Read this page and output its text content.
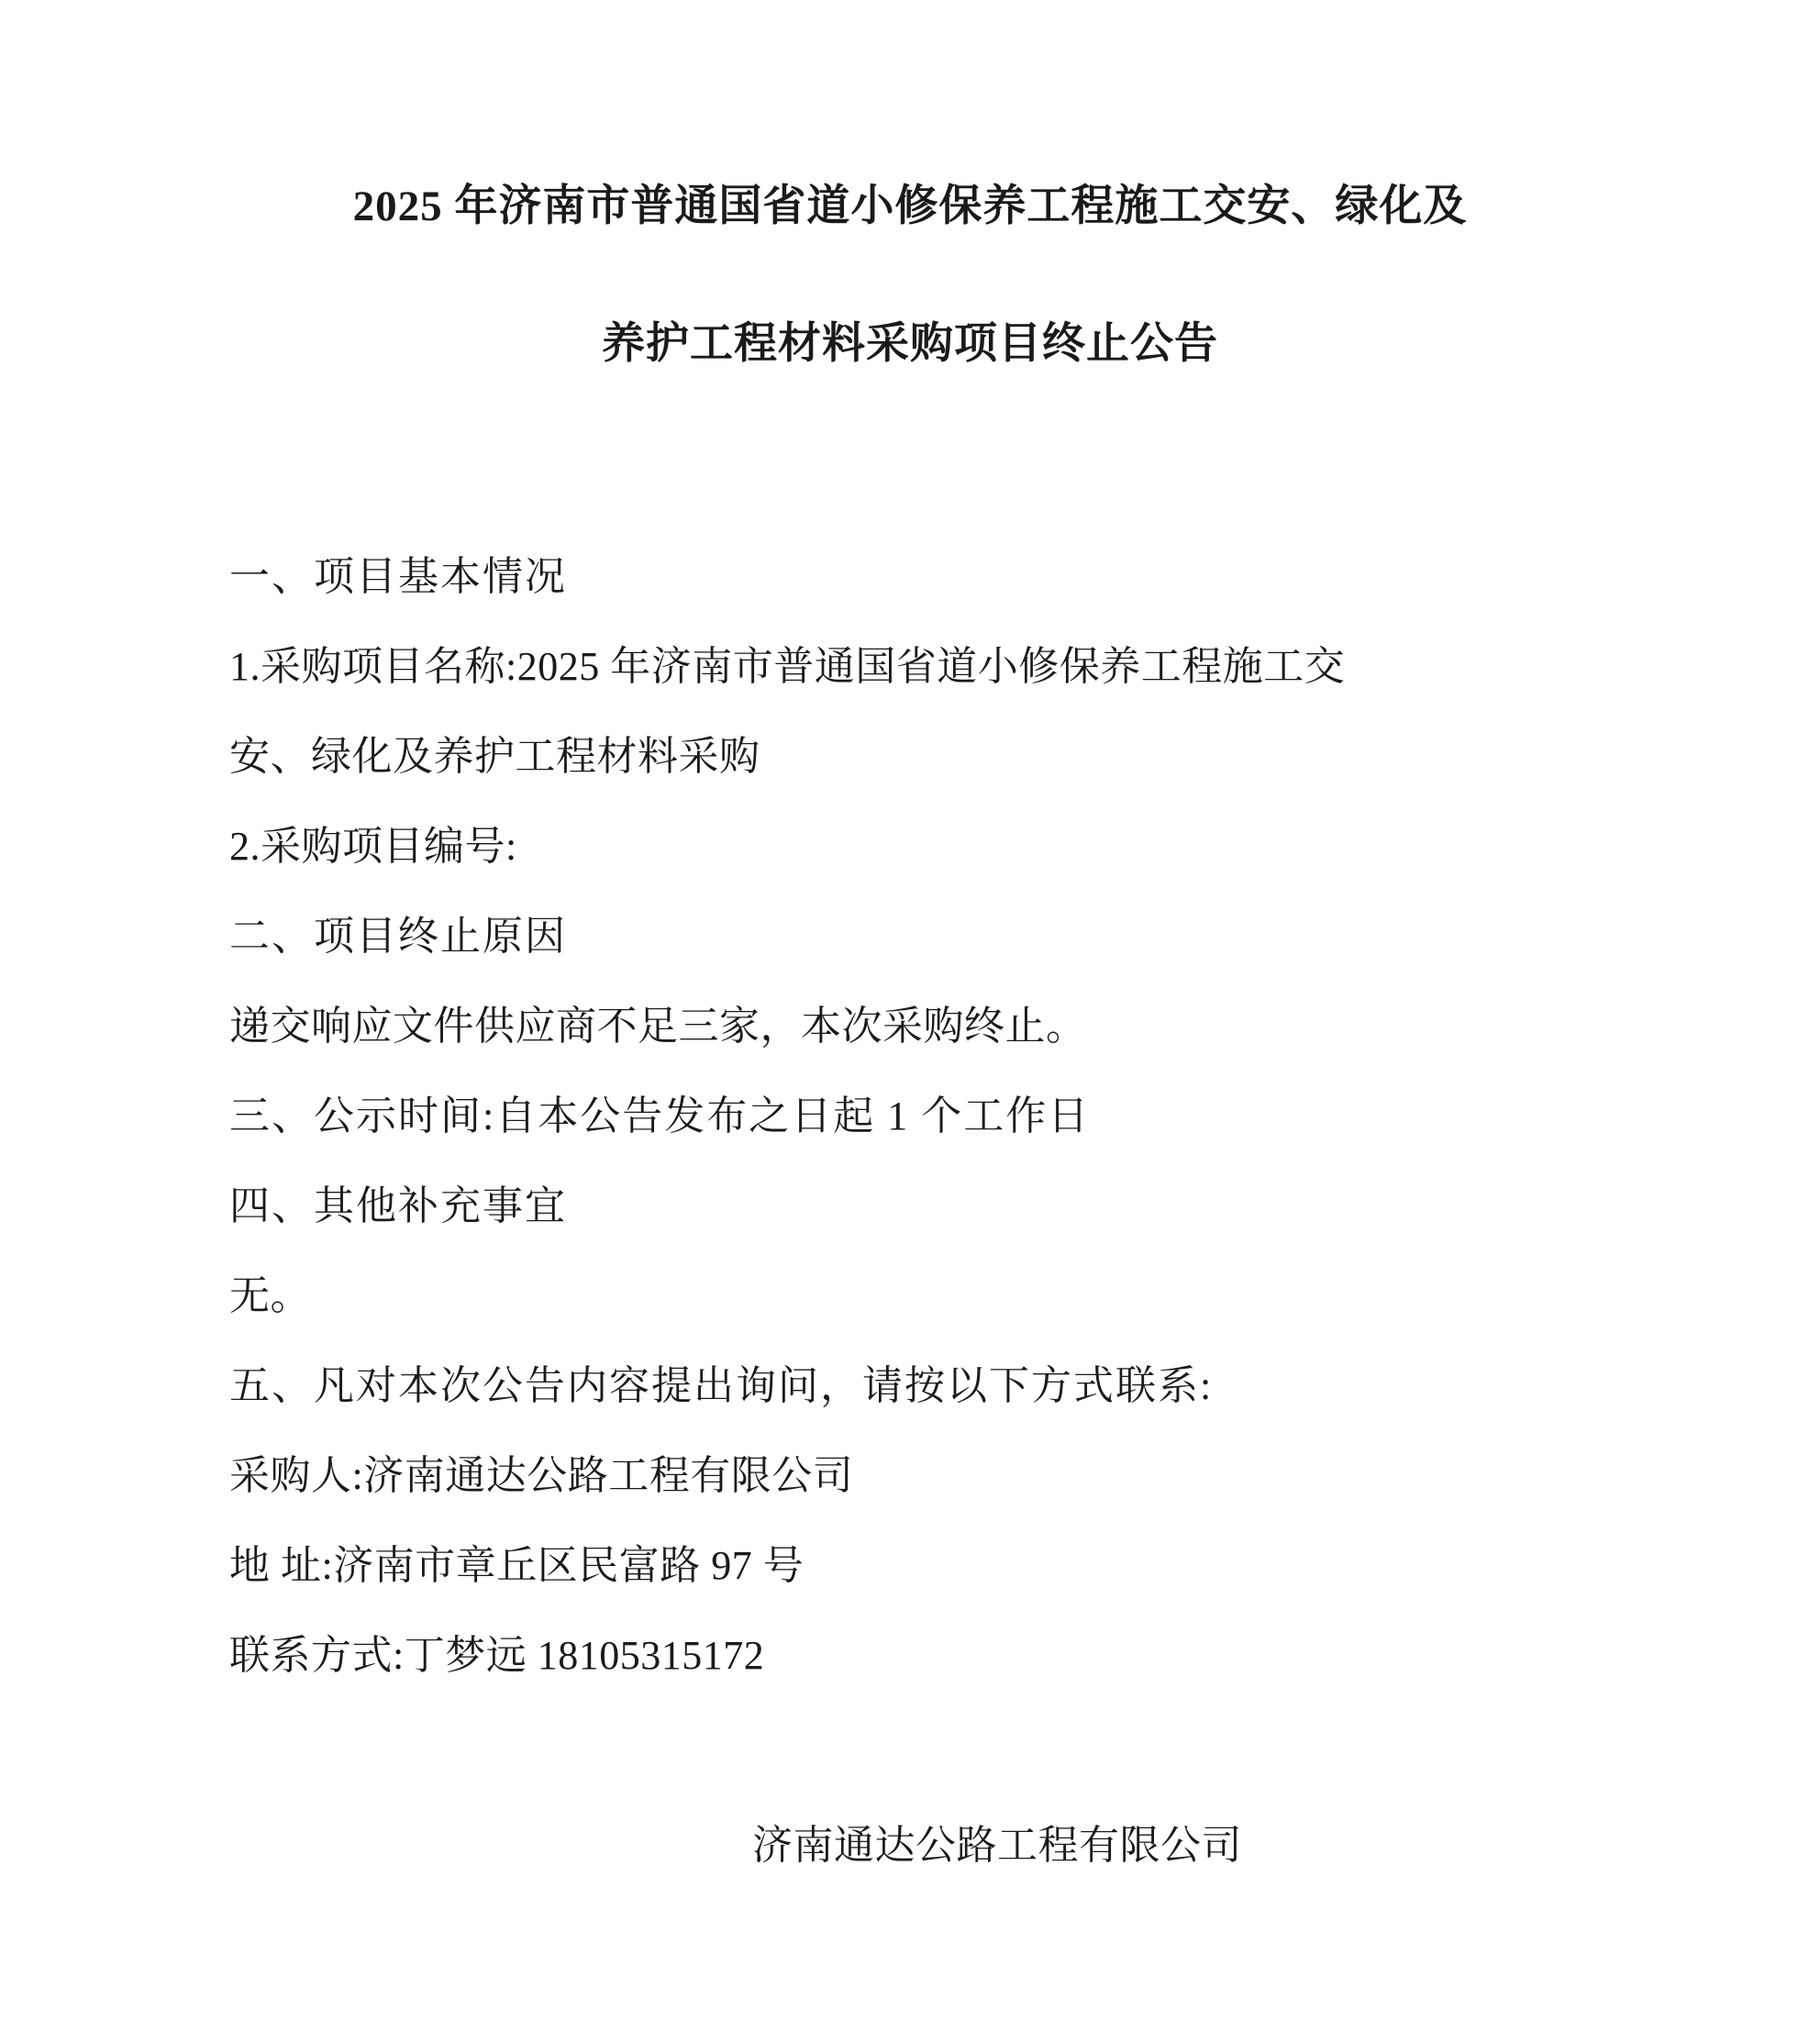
2025 年济南市普通国省道小修保养工程施工交安、绿化及
养护工程材料采购项目终止公告

一、项目基本情况

1.采购项目名称:2025 年济南市普通国省道小修保养工程施工交

安、绿化及养护工程材料采购

2.采购项目编号:

二、项目终止原因

递交响应文件供应商不足三家，本次采购终止。

三、公示时间:自本公告发布之日起 1 个工作日

四、其他补充事宜

无。

五、凡对本次公告内容提出询问，请按以下方式联系:

采购人:济南通达公路工程有限公司

地 址:济南市章丘区民富路 97 号

联系方式:丁梦远 18105315172

济南通达公路工程有限公司
